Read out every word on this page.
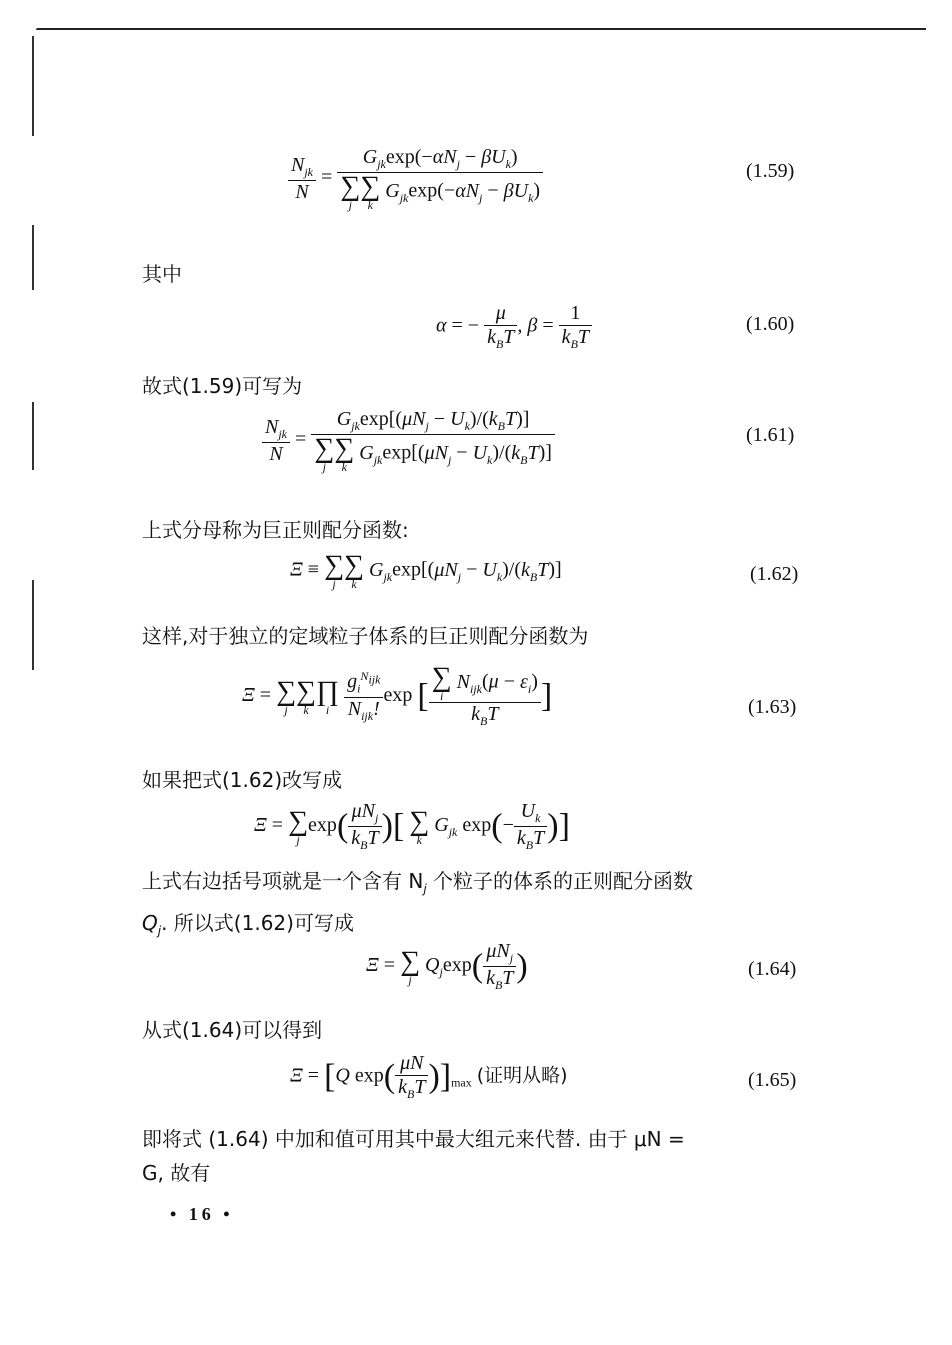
$\frac{N_{jk}}{N} = G_{jk}\exp(-\alpha N_j - \beta U_k)$
∑
j
∑
k
$G_{jk}\exp(-\alpha N_j - \beta U_k)$	(1.59)
其中
α = − $\frac{\mu}{k_BT}$ , $\beta = \frac{1}{k_BT}$	(1.60)
故式(1.59)可写为
$\frac{N_{jk}}{N} = G_{jk}\exp[(\mu N_j - U_k)/(k_BT)]$
∑
j
∑
k
$G_{jk}\exp[(\mu N_j - U_k)/(k_BT)]$	(1.61)
上式分母称为巨正则配分函数:
Ξ ≡ ∑
j
∑
k
$G_{jk}\exp[(\mu N_j - U_k)/(k_BT)]$	(1.62)
这样,对于独立的定域粒子体系的巨正则配分函数为
Ξ = ∑
j
∑
k
∏
i
$\frac{g_i^{N_{ijk}}}{N_{ijk}!}$ exp [ ∑
i
$N_{ijk}(\mu - \varepsilon_i)$
$k_BT$ ]	(1.63)
如果把式(1.62)改写成
Ξ = ∑
j
$\exp( \frac{\mu N_j}{k_BT}$ )[ ∑
k
$G_{jk}$ $\exp(- \frac{U_k}{k_BT}$ )]
上式右边括号项就是一个含有 $N_j$ 个粒子的体系的正则配分函数
$Q_j$. 所以式(1.62)可写成
Ξ = ∑
j
$Q_j\exp( \frac{\mu N_j}{k_BT}$ )	(1.64)
从式(1.64)可以得到
Ξ = [Q $\exp( \frac{\mu N}{k_BT} )]_{max}$ (证明从略)	(1.65)
即将式 (1.64) 中加和值可用其中最大组元来代替. 由于 μN =
G, 故有
• 16 •
